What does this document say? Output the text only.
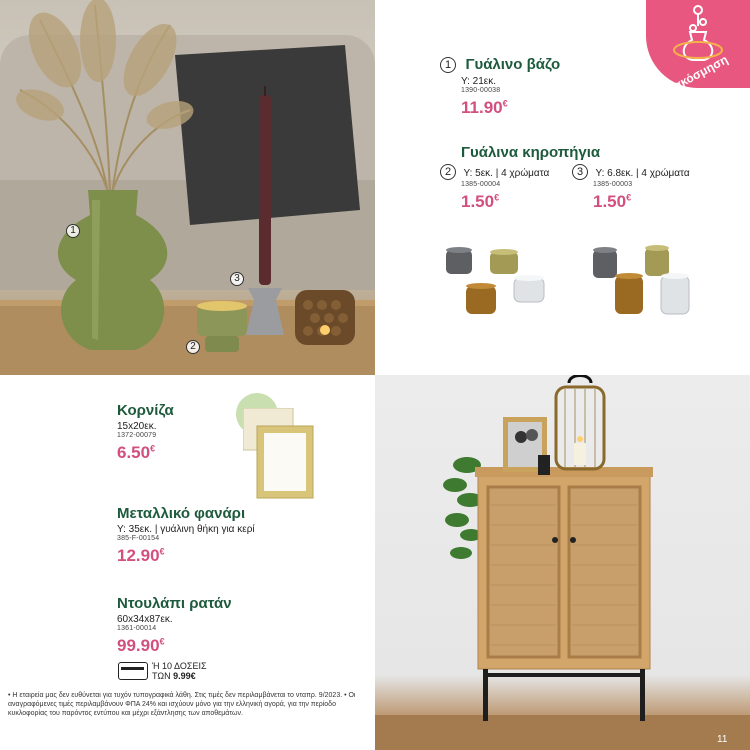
1
2
3
διακόσμηση
1 Γυάλινο βάζο
Υ: 21εκ.
1390-00038
11.90€
Γυάλινα κηροπήγια
2 Υ: 5εκ. | 4 χρώματα
1385-00004
1.50€
3 Υ: 6.8εκ. | 4 χρώματα
1385-00003
1.50€
Κορνίζα
15x20εκ.
1372-00079
6.50€
Μεταλλικό φανάρι
Υ: 35εκ. | γυάλινη θήκη για κερί
385-F-00154
12.90€
Ντουλάπι ρατάν
60x34x87εκ.
1361-00014
99.90€
Ή 10 ΔΟΣΕΙΣ
ΤΩΝ 9.99€
• Η εταιρεία μας δεν ευθύνεται για τυχόν τυπογραφικά λάθη. Στις τιμές δεν περιλαμβάνεται το νταπρ. 9/2023. • Οι αναγραφόμενες τιμές περιλαμβάνουν ΦΠΑ 24% και ισχύουν μόνο για την ελληνική αγορά, για την περίοδο κυκλοφορίας του παρόντος εντύπου και μέχρι εξάντλησης των αποθεμάτων.
11
